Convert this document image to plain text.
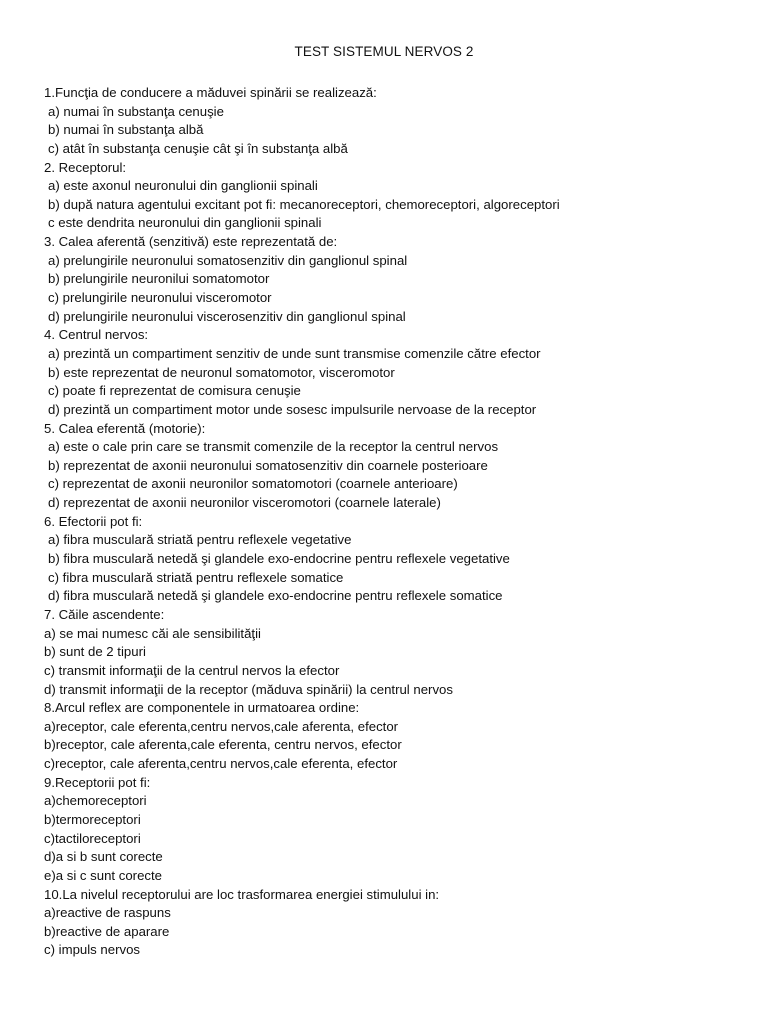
TEST SISTEMUL NERVOS 2
1.Funcţia de conducere a măduvei spinării se realizează:
a) numai în substanţa cenuşie
b) numai în substanţa albă
c) atât în substanţa cenuşie cât şi în substanţa albă
2. Receptorul:
a) este axonul neuronului din ganglionii spinali
b) după natura agentului excitant pot fi: mecanoreceptori, chemoreceptori, algoreceptori
c este dendrita neuronului din ganglionii spinali
3. Calea aferentă (senzitivă) este reprezentată de:
a) prelungirile neuronului somatosenzitiv din ganglionul spinal
b) prelungirile neuronilui somatomotor
c) prelungirile neuronului visceromotor
d) prelungirile neuronului viscerosenzitiv din ganglionul spinal
4. Centrul nervos:
a) prezintă un compartiment senzitiv de unde sunt transmise comenzile către efector
b) este reprezentat de neuronul somatomotor, visceromotor
c) poate fi reprezentat de comisura cenuşie
d) prezintă un compartiment motor unde sosesc impulsurile nervoase de la receptor
5. Calea eferentă (motorie):
a) este o cale prin care se transmit comenzile de la receptor la centrul nervos
b) reprezentat de axonii neuronului somatosenzitiv din coarnele posterioare
c) reprezentat de axonii neuronilor somatomotori (coarnele anterioare)
d) reprezentat de axonii neuronilor visceromotori (coarnele laterale)
6. Efectorii pot fi:
a) fibra musculară striată pentru reflexele vegetative
b) fibra musculară netedă şi glandele exo-endocrine pentru reflexele vegetative
c) fibra musculară striată pentru reflexele somatice
d) fibra musculară netedă şi glandele exo-endocrine pentru reflexele somatice
7. Căile ascendente:
a) se mai numesc căi ale sensibilităţii
b) sunt de 2 tipuri
c) transmit informaţii de la centrul nervos la efector
d) transmit informaţii de la receptor (măduva spinării) la centrul nervos
8.Arcul reflex are componentele in urmatoarea ordine:
a)receptor, cale eferenta,centru nervos,cale aferenta, efector
b)receptor, cale aferenta,cale eferenta, centru nervos, efector
c)receptor, cale aferenta,centru nervos,cale eferenta, efector
9.Receptorii pot fi:
a)chemoreceptori
b)termoreceptori
c)tactiloreceptori
d)a si b sunt corecte
e)a si c sunt corecte
10.La nivelul receptorului are loc trasformarea energiei stimulului in:
a)reactive de raspuns
b)reactive de aparare
c) impuls nervos
